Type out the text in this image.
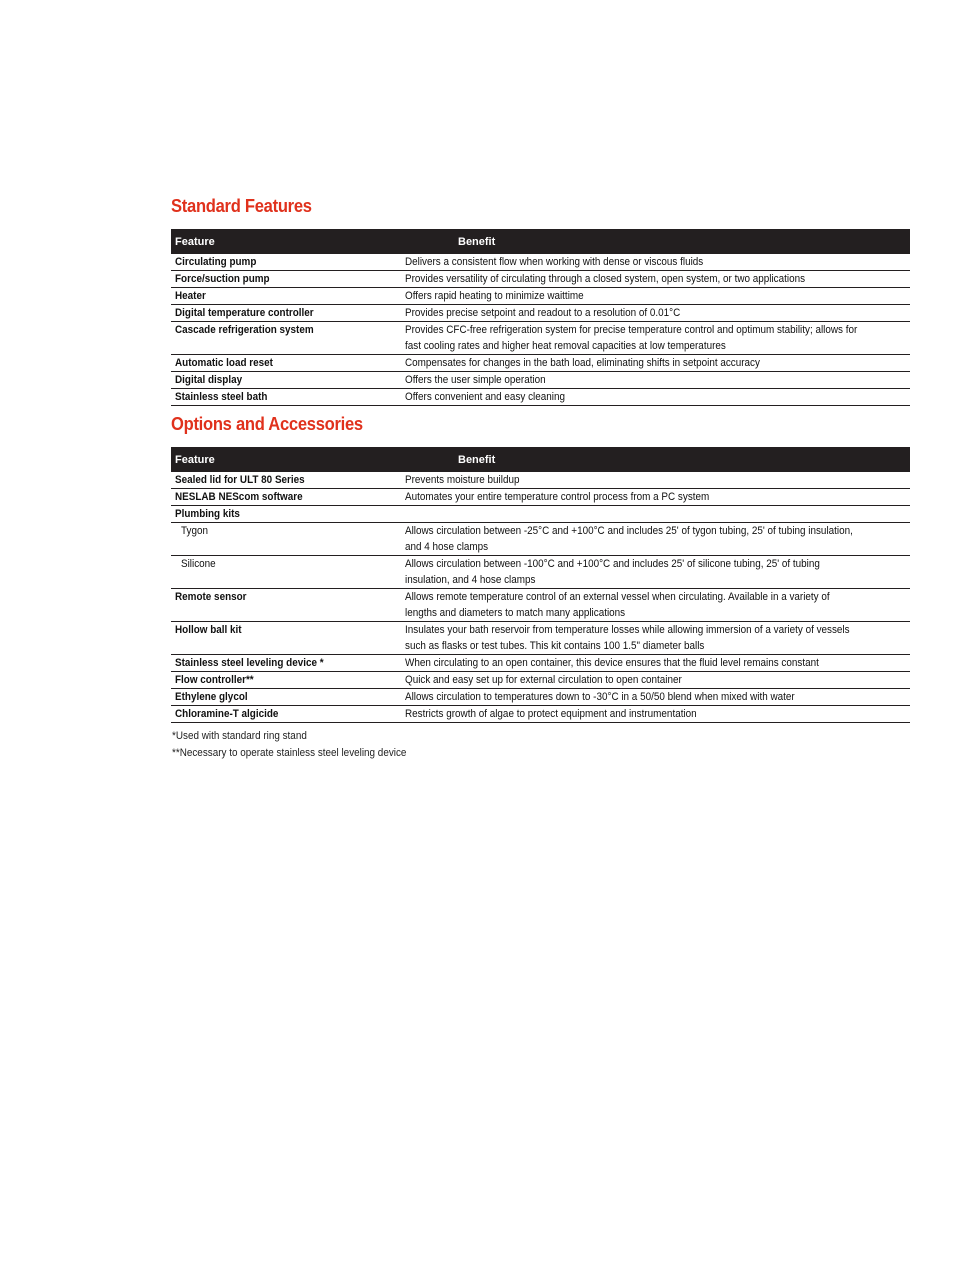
Standard Features
Feature	Benefit
Circulating pump	Delivers a consistent flow when working with dense or viscous fluids
Force/suction pump	Provides versatility of circulating through a closed system, open system, or two applications
Heater	Offers rapid heating to minimize waittime
Digital temperature controller	Provides precise setpoint and readout to a resolution of 0.01°C
Cascade refrigeration system	Provides CFC-free refrigeration system for precise temperature control and optimum stability; allows for fast cooling rates and higher heat removal capacities at low temperatures
Automatic load reset	Compensates for changes in the bath load, eliminating shifts in setpoint accuracy
Digital display	Offers the user simple operation
Stainless steel bath	Offers convenient and easy cleaning
Options and Accessories
Feature	Benefit
Sealed lid for ULT 80 Series	Prevents moisture buildup
NESLAB NEScom software	Automates your entire temperature control process from a PC system
Plumbing kits
Tygon	Allows circulation between -25°C and +100°C and includes 25' of tygon tubing, 25' of tubing insulation, and 4 hose clamps
Silicone	Allows circulation between -100°C and +100°C and includes 25' of silicone tubing, 25' of tubing insulation, and 4 hose clamps
Remote sensor	Allows remote temperature control of an external vessel when circulating. Available in a variety of lengths and diameters to match many applications
Hollow ball kit	Insulates your bath reservoir from temperature losses while allowing immersion of a variety of vessels such as flasks or test tubes. This kit contains 100 1.5" diameter balls
Stainless steel leveling device *	When circulating to an open container, this device ensures that the fluid level remains constant
Flow controller**	Quick and easy set up for external circulation to open container
Ethylene glycol	Allows circulation to temperatures down to -30°C in a 50/50 blend when mixed with water
Chloramine-T algicide	Restricts growth of algae to protect equipment and instrumentation

*Used with standard ring stand

**Necessary to operate stainless steel leveling device
